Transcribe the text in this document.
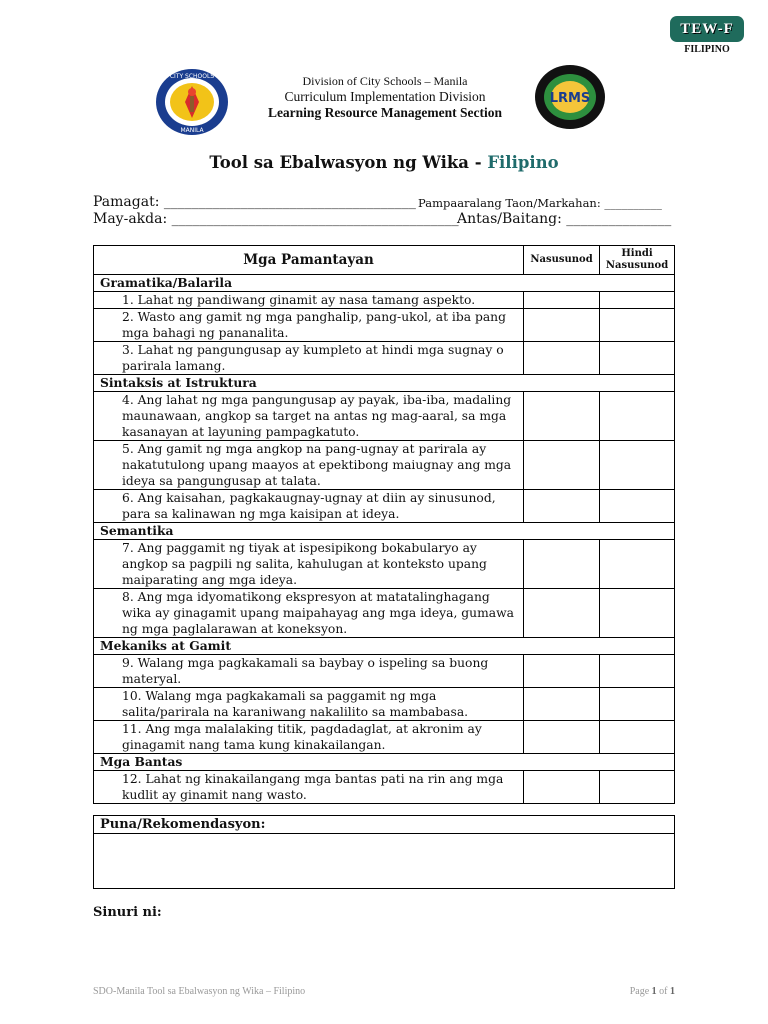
TEW-F
FILIPINO
CITY SCHOOLS
MANILA
LRMS
Division of City Schools – Manila
Curriculum Implementation Division
Learning Resource Management Section
Tool sa Ebalwasyon ng Wika - Filipino
Pamagat: ____________________________________ Pampaaralang Taon/Markahan: __________
May-akda: _________________________________________
Antas/Baitang: _______________
Mga Pamantayan	Nasusunod	Hindi Nasusunod
Gramatika/Balarila		
1. Lahat ng pandiwang ginamit ay nasa tamang aspekto.		
2. Wasto ang gamit ng mga panghalip, pang-ukol, at iba pang mga bahagi ng pananalita.		
3. Lahat ng pangungusap ay kumpleto at hindi mga sugnay o parirala lamang.		
Sintaksis at Istruktura		
4. Ang lahat ng mga pangungusap ay payak, iba-iba, madaling maunawaan, angkop sa target na antas ng mag-aaral, sa mga kasanayan at layuning pampagkatuto.		
5. Ang gamit ng mga angkop na pang-ugnay at parirala ay nakatutulong upang maayos at epektibong maiugnay ang mga ideya sa pangungusap at talata.		
6. Ang kaisahan, pagkakaugnay-ugnay at diin ay sinusunod, para sa kalinawan ng mga kaisipan at ideya.		
Semantika		
7. Ang paggamit ng tiyak at ispesipikong bokabularyo ay angkop sa pagpili ng salita, kahulugan at konteksto upang maiparating ang mga ideya.		
8. Ang mga idyomatikong ekspresyon at matatalinghagang wika ay ginagamit upang maipahayag ang mga ideya, gumawa ng mga paglalarawan at koneksyon.		
Mekaniks at Gamit		
9. Walang mga pagkakamali sa baybay o ispeling sa buong materyal.		
10. Walang mga pagkakamali sa paggamit ng mga salita/parirala na karaniwang nakalilito sa mambabasa.		
11. Ang mga malalaking titik, pagdadaglat, at akronim ay ginagamit nang tama kung kinakailangan.		
Mga Bantas		
12. Lahat ng kinakailangang mga bantas pati na rin ang mga kudlit ay ginamit nang wasto.		
Puna/Rekomendasyon:

Sinuri ni:
SDO-Manila Tool sa Ebalwasyon ng Wika – Filipino	Page 1 of 1
